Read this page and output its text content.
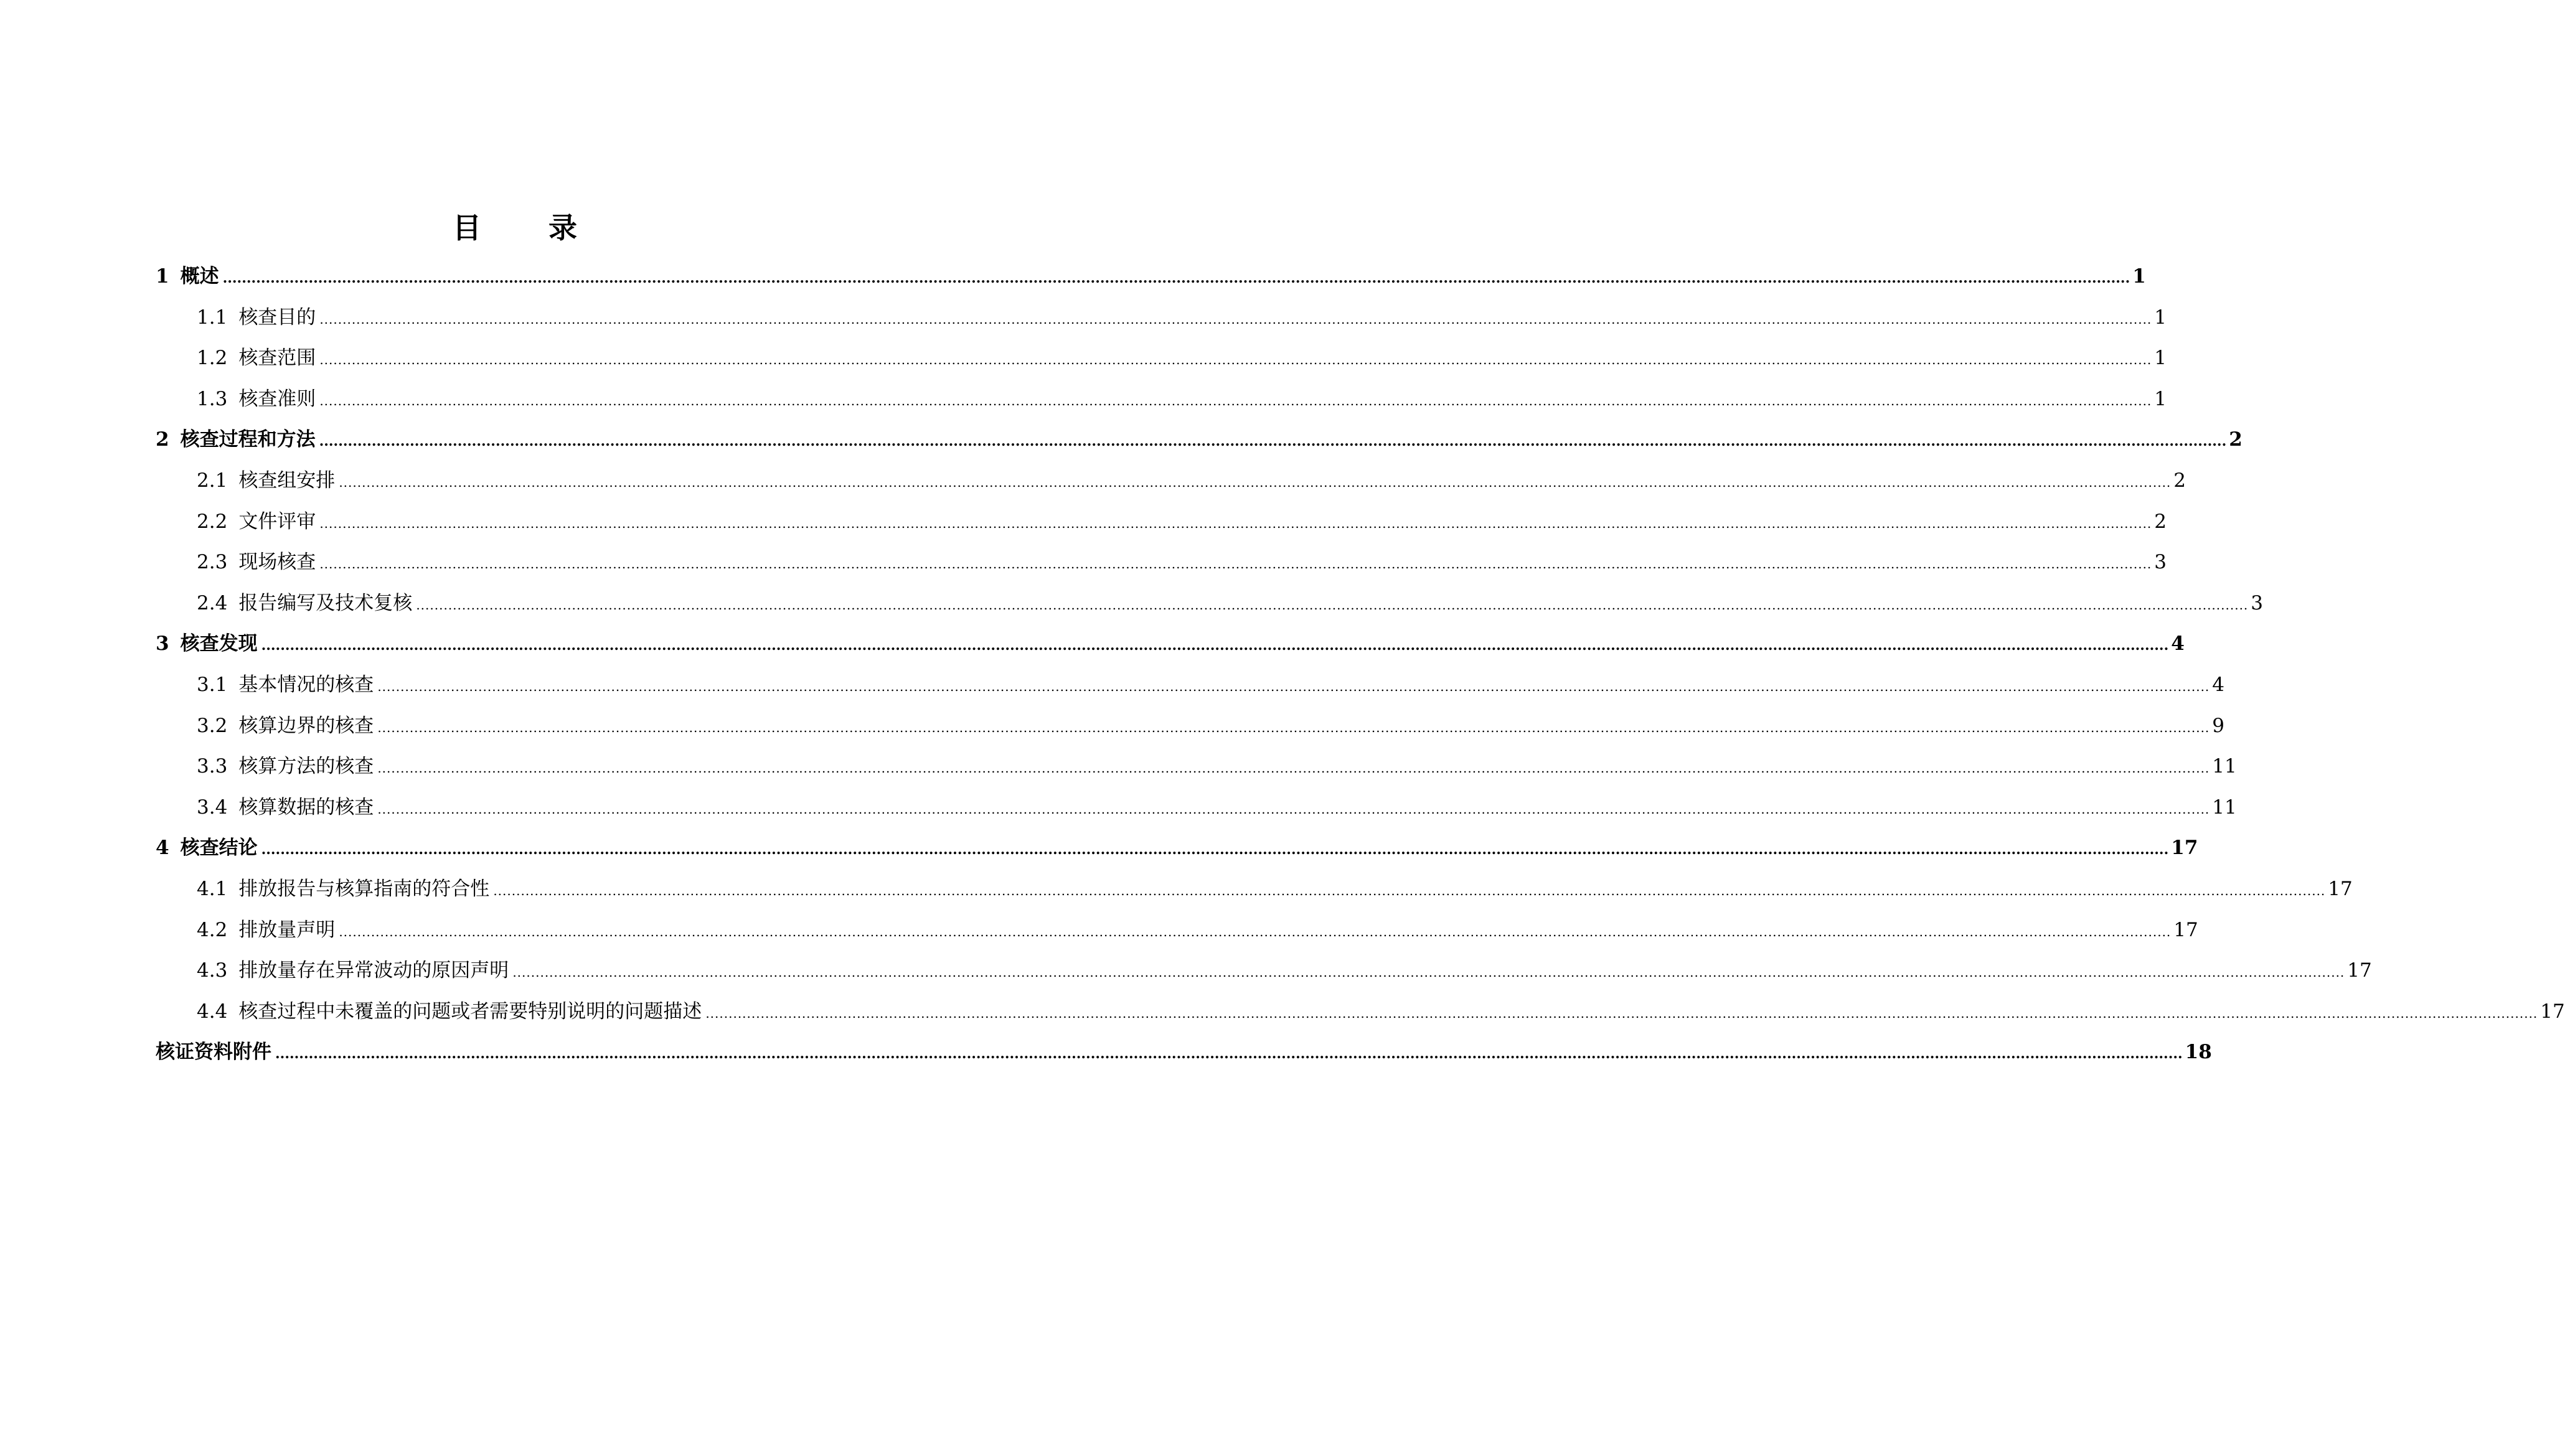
目 录
1 概述 ................................................................................................................................................................................................................................................................................................................................................................................................................ 1
1.1 核查目的 ................................................................................................................................................................................................................................................................................................................................................................................................................ 1
1.2 核查范围 ................................................................................................................................................................................................................................................................................................................................................................................................................ 1
1.3 核查准则 ................................................................................................................................................................................................................................................................................................................................................................................................................ 1
2 核查过程和方法 ................................................................................................................................................................................................................................................................................................................................................................................................................ 2
2.1 核查组安排 ................................................................................................................................................................................................................................................................................................................................................................................................................ 2
2.2 文件评审 ................................................................................................................................................................................................................................................................................................................................................................................................................ 2
2.3 现场核查 ................................................................................................................................................................................................................................................................................................................................................................................................................ 3
2.4 报告编写及技术复核 ................................................................................................................................................................................................................................................................................................................................................................................................................ 3
3 核查发现 ................................................................................................................................................................................................................................................................................................................................................................................................................ 4
3.1 基本情况的核查 ................................................................................................................................................................................................................................................................................................................................................................................................................ 4
3.2 核算边界的核查 ................................................................................................................................................................................................................................................................................................................................................................................................................ 9
3.3 核算方法的核查 ................................................................................................................................................................................................................................................................................................................................................................................................................ 11
3.4 核算数据的核查 ................................................................................................................................................................................................................................................................................................................................................................................................................ 11
4 核查结论 ................................................................................................................................................................................................................................................................................................................................................................................................................ 17
4.1 排放报告与核算指南的符合性 ................................................................................................................................................................................................................................................................................................................................................................................................................ 17
4.2 排放量声明 ................................................................................................................................................................................................................................................................................................................................................................................................................ 17
4.3 排放量存在异常波动的原因声明 ................................................................................................................................................................................................................................................................................................................................................................................................................ 17
4.4 核查过程中未覆盖的问题或者需要特别说明的问题描述 ................................................................................................................................................................................................................................................................................................................................................................................................................ 17
核证资料附件 ................................................................................................................................................................................................................................................................................................................................................................................................................ 18
